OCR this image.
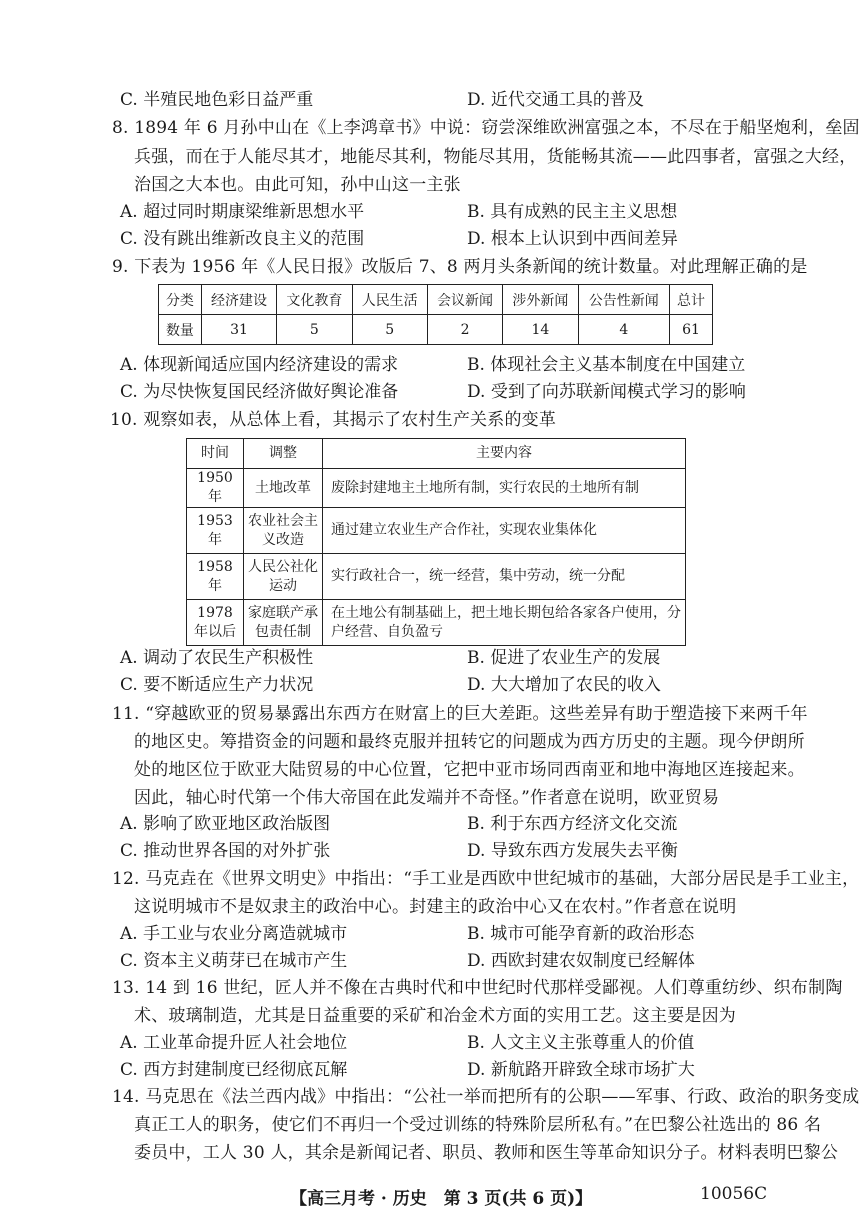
C. 半殖民地色彩日益严重	D. 近代交通工具的普及
8. 1894 年 6 月孙中山在《上李鸿章书》中说：窃尝深维欧洲富强之本，不尽在于船坚炮利，垒固
兵强，而在于人能尽其才，地能尽其利，物能尽其用，货能畅其流——此四事者，富强之大经，
治国之大本也。由此可知，孙中山这一主张
A. 超过同时期康梁维新思想水平	B. 具有成熟的民主主义思想
C. 没有跳出维新改良主义的范围	D. 根本上认识到中西间差异
9. 下表为 1956 年《人民日报》改版后 7、8 两月头条新闻的统计数量。对此理解正确的是
分类	经济建设	文化教育	人民生活	会议新闻	涉外新闻	公告性新闻	总计
数量	31	5	5	2	14	4	61
A. 体现新闻适应国内经济建设的需求	B. 体现社会主义基本制度在中国建立
C. 为尽快恢复国民经济做好舆论准备	D. 受到了向苏联新闻模式学习的影响
10. 观察如表，从总体上看，其揭示了农村生产关系的变革
时间	调整	主要内容
1950 年	土地改革	废除封建地主土地所有制，实行农民的土地所有制
1953 年	农业社会主义改造	通过建立农业生产合作社，实现农业集体化
1958 年	人民公社化运动	实行政社合一，统一经营，集中劳动，统一分配
1978 年以后	家庭联产承包责任制	在土地公有制基础上，把土地长期包给各家各户使用，分户经营、自负盈亏
A. 调动了农民生产积极性	B. 促进了农业生产的发展
C. 要不断适应生产力状况	D. 大大增加了农民的收入
11. “穿越欧亚的贸易暴露出东西方在财富上的巨大差距。这些差异有助于塑造接下来两千年
的地区史。筹措资金的问题和最终克服并扭转它的问题成为西方历史的主题。现今伊朗所
处的地区位于欧亚大陆贸易的中心位置，它把中亚市场同西南亚和地中海地区连接起来。
因此，轴心时代第一个伟大帝国在此发端并不奇怪。”作者意在说明，欧亚贸易
A. 影响了欧亚地区政治版图	B. 利于东西方经济文化交流
C. 推动世界各国的对外扩张	D. 导致东西方发展失去平衡
12. 马克垚在《世界文明史》中指出：“手工业是西欧中世纪城市的基础，大部分居民是手工业主，
这说明城市不是奴隶主的政治中心。封建主的政治中心又在农村。”作者意在说明
A. 手工业与农业分离造就城市	B. 城市可能孕育新的政治形态
C. 资本主义萌芽已在城市产生	D. 西欧封建农奴制度已经解体
13. 14 到 16 世纪，匠人并不像在古典时代和中世纪时代那样受鄙视。人们尊重纺纱、织布制陶
术、玻璃制造，尤其是日益重要的采矿和冶金术方面的实用工艺。这主要是因为
A. 工业革命提升匠人社会地位	B. 人文主义主张尊重人的价值
C. 西方封建制度已经彻底瓦解	D. 新航路开辟致全球市场扩大
14. 马克思在《法兰西内战》中指出：“公社一举而把所有的公职——军事、行政、政治的职务变成
真正工人的职务，使它们不再归一个受过训练的特殊阶层所私有。”在巴黎公社选出的 86 名
委员中，工人 30 人，其余是新闻记者、职员、教师和医生等革命知识分子。材料表明巴黎公
【高三月考 · 历史　第 3 页(共 6 页)】	10056C
